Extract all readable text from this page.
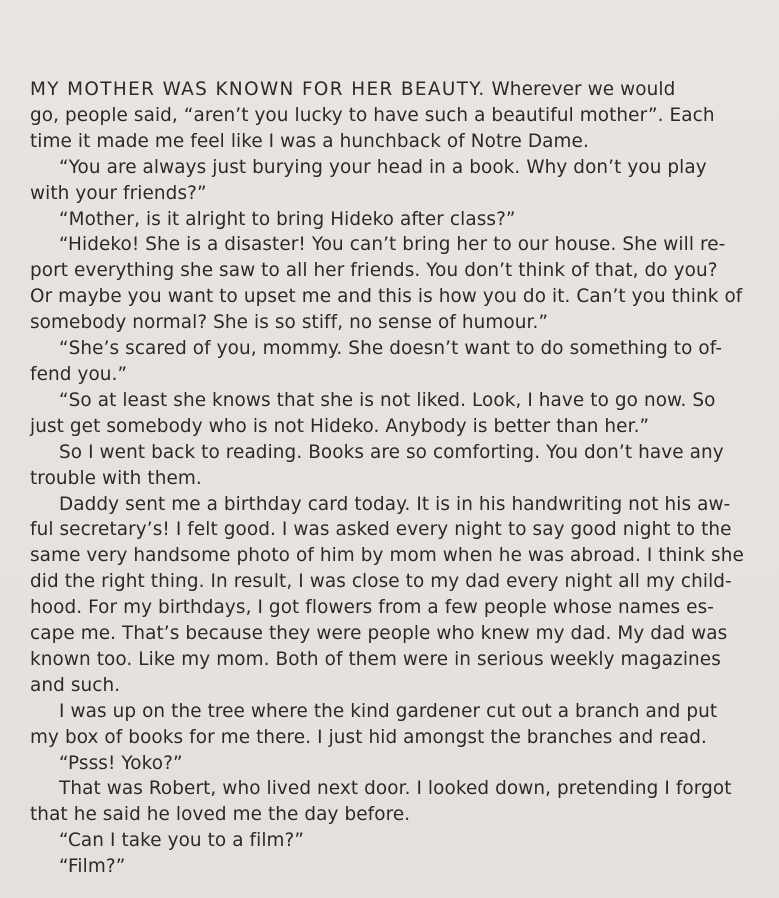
MY MOTHER WAS KNOWN FOR HER BEAUTY. Wherever we would
go, people said, “aren’t you lucky to have such a beautiful mother”. Each
time it made me feel like I was a hunchback of Notre Dame.
“You are always just burying your head in a book. Why don’t you play
with your friends?”
“Mother, is it alright to bring Hideko after class?”
“Hideko! She is a disaster! You can’t bring her to our house. She will re-
port everything she saw to all her friends. You don’t think of that, do you?
Or maybe you want to upset me and this is how you do it. Can’t you think of
somebody normal? She is so stiff, no sense of humour.”
“She’s scared of you, mommy. She doesn’t want to do something to of-
fend you.”
“So at least she knows that she is not liked. Look, I have to go now. So
just get somebody who is not Hideko. Anybody is better than her.”
So I went back to reading. Books are so comforting. You don’t have any
trouble with them.
Daddy sent me a birthday card today. It is in his handwriting not his aw-
ful secretary’s! I felt good. I was asked every night to say good night to the
same very handsome photo of him by mom when he was abroad. I think she
did the right thing. In result, I was close to my dad every night all my child-
hood. For my birthdays, I got flowers from a few people whose names es-
cape me. That’s because they were people who knew my dad. My dad was
known too. Like my mom. Both of them were in serious weekly magazines
and such.
I was up on the tree where the kind gardener cut out a branch and put
my box of books for me there. I just hid amongst the branches and read.
“Psss! Yoko?”
That was Robert, who lived next door. I looked down, pretending I forgot
that he said he loved me the day before.
“Can I take you to a film?”
“Film?”
